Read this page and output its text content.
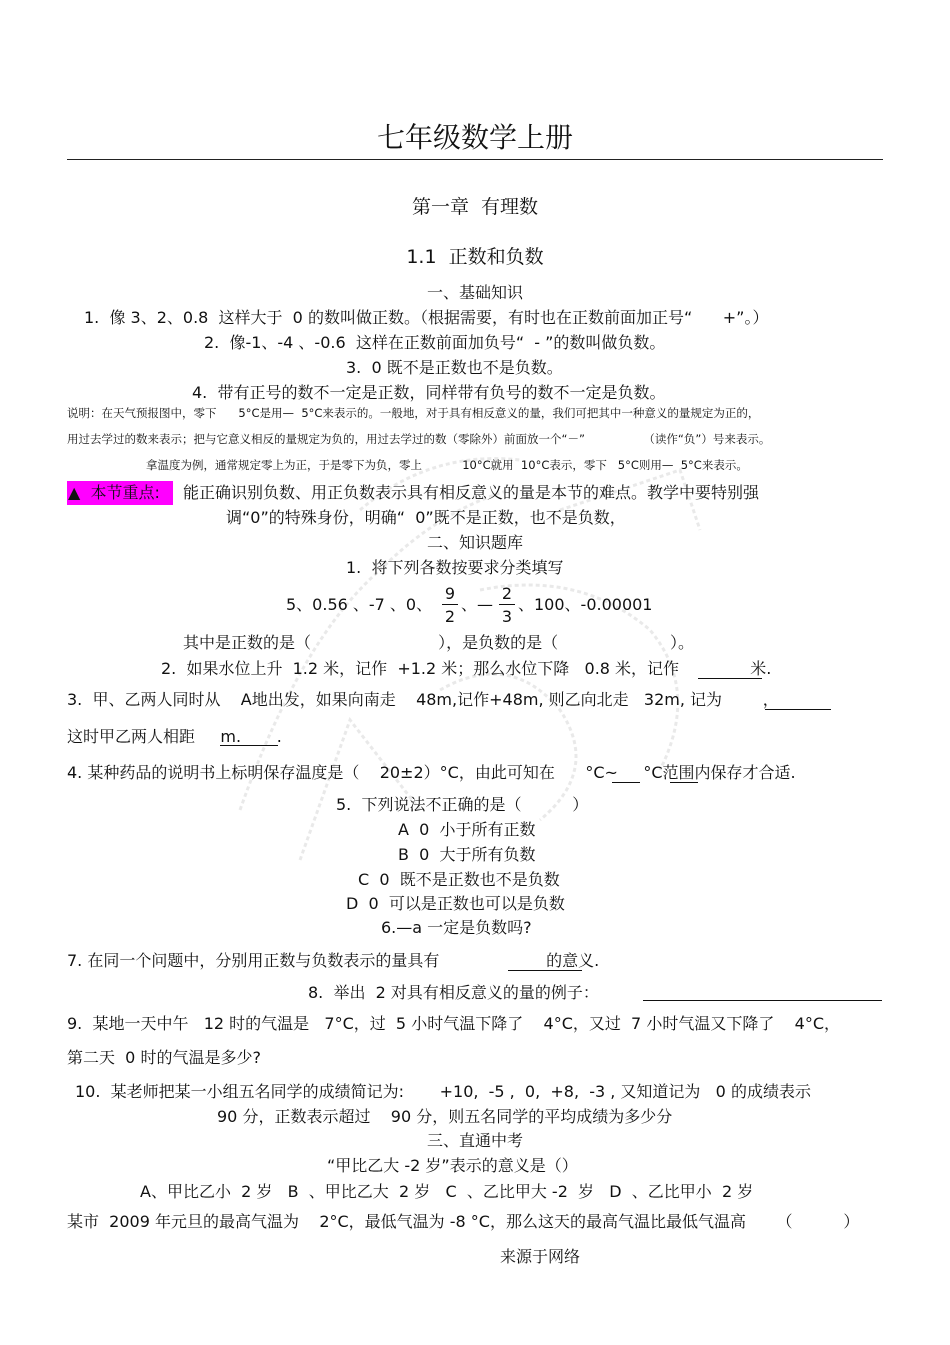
七年级数学上册
第一章  有理数
1.1  正数和负数
一、基础知识
1.  像 3、2、0.8  这样大于  0 的数叫做正数。（根据需要，有时也在正数前面加正号“      +”。）
2.  像-1、-4 、-0.6  这样在正数前面加负号“  - ”的数叫做负数。
3.  0 既不是正数也不是负数。
4.  带有正号的数不一定是正数，同样带有负号的数不一定是负数。
说明：在天气预报图中，零下      5°C是用—  5°C来表示的。一般地，对于具有相反意义的量，我们可把其中一种意义的量规定为正的，
用过去学过的数来表示；把与它意义相反的量规定为负的，用过去学过的数（零除外）前面放一个“－”                （读作“负”）号来表示。
拿温度为例，通常规定零上为正，于是零下为负，零上           10°C就用  10°C表示，零下   5°C则用—  5°C来表示。
▲  本节重点: 能正确识别负数、用正负数表示具有相反意义的量是本节的难点。教学中要特别强
调“0”的特殊身份，明确“  0”既不是正数，也不是负数，
二、知识题库
1.  将下列各数按要求分类填写
5、0.56 、-7 、0、
9
2
、—
2
3
、100、-0.00001
其中是正数的是（                         ），是负数的是（                      ）。
2.  如果水位上升  1.2 米，记作  +1.2 米；那么水位下降   0.8 米，记作              米.
3.  甲、乙两人同时从    A地出发，如果向南走    48m,记作+48m, 则乙向北走   32m, 记为        ，
这时甲乙两人相距     m.       .
4. 某种药品的说明书上标明保存温度是（    20±2）°C，由此可知在      °C~     °C范围内保存才合适.
5.  下列说法不正确的是（          ）
A  0  小于所有正数
B  0  大于所有负数
C  0  既不是正数也不是负数
D  0  可以是正数也可以是负数
6.—a 一定是负数吗?
7. 在同一个问题中，分别用正数与负数表示的量具有                     的意义.
8.  举出  2 对具有相反意义的量的例子：
9.  某地一天中午   12 时的气温是   7°C，过  5 小时气温下降了    4°C，又过  7 小时气温又下降了    4°C，
第二天  0 时的气温是多少?
10.  某老师把某一小组五名同学的成绩简记为:       +10,  -5 ,  0,  +8,  -3 , 又知道记为   0 的成绩表示
90 分，正数表示超过    90 分，则五名同学的平均成绩为多少分
三、直通中考
“甲比乙大 -2 岁”表示的意义是（）
A、甲比乙小  2 岁   B  、甲比乙大  2 岁   C  、乙比甲大 -2  岁   D  、乙比甲小  2 岁
某市  2009 年元旦的最高气温为    2°C，最低气温为 -8 °C，那么这天的最高气温比最低气温高      （          ）
来源于网络
